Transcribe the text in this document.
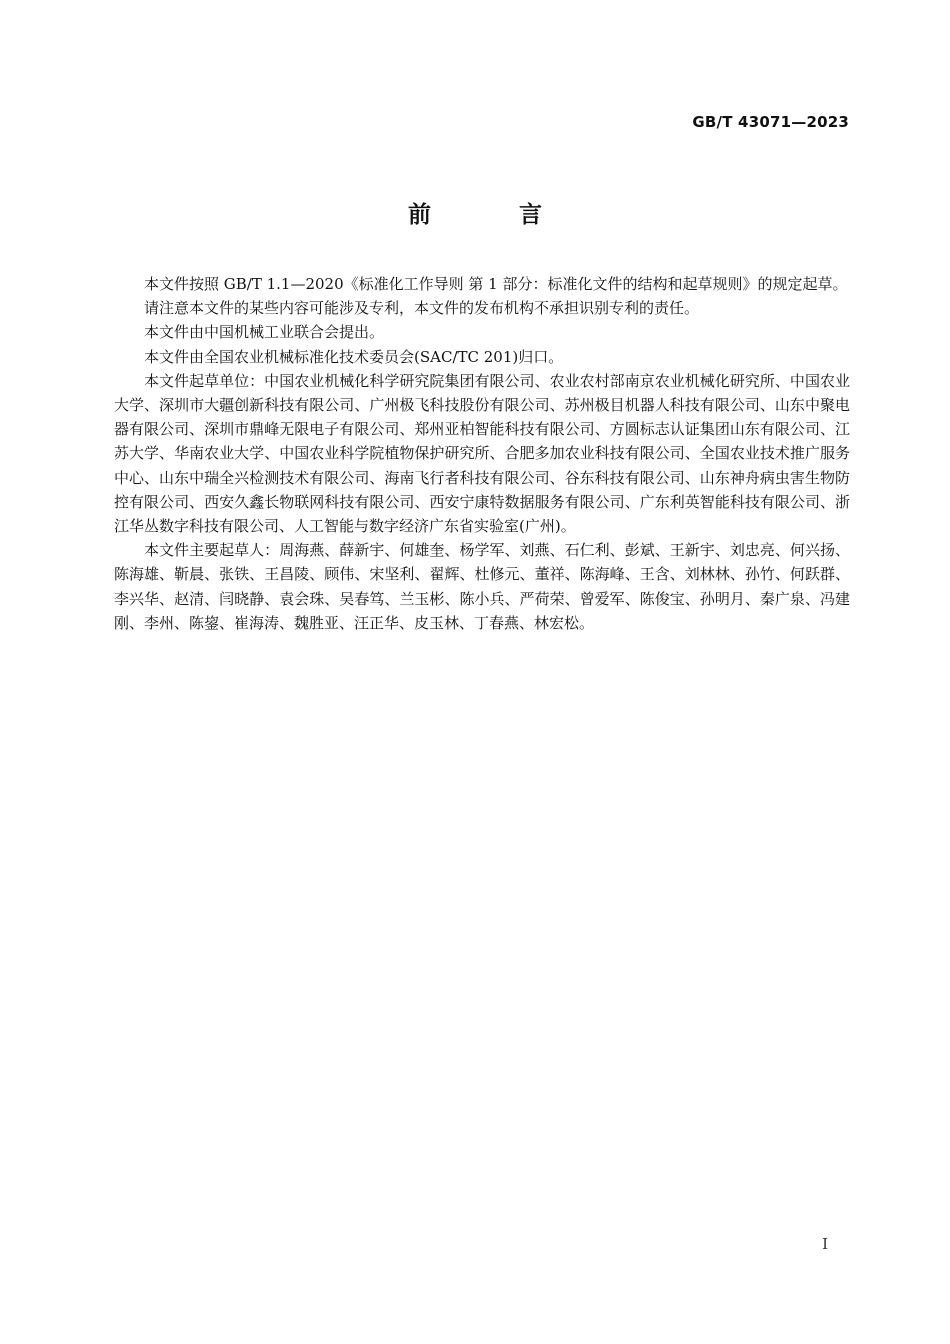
GB/T 43071—2023
前 言

本文件按照 GB/T 1.1—2020《标准化工作导则 第 1 部分：标准化文件的结构和起草规则》的规定起草。

请注意本文件的某些内容可能涉及专利，本文件的发布机构不承担识别专利的责任。

本文件由中国机械工业联合会提出。

本文件由全国农业机械标准化技术委员会(SAC/TC 201)归口。

本文件起草单位：中国农业机械化科学研究院集团有限公司、农业农村部南京农业机械化研究所、中国农业大学、深圳市大疆创新科技有限公司、广州极飞科技股份有限公司、苏州极目机器人科技有限公司、山东中聚电器有限公司、深圳市鼎峰无限电子有限公司、郑州亚柏智能科技有限公司、方圆标志认证集团山东有限公司、江苏大学、华南农业大学、中国农业科学院植物保护研究所、合肥多加农业科技有限公司、全国农业技术推广服务中心、山东中瑞全兴检测技术有限公司、海南飞行者科技有限公司、谷东科技有限公司、山东神舟病虫害生物防控有限公司、西安久鑫长物联网科技有限公司、西安宁康特数据服务有限公司、广东利英智能科技有限公司、浙江华丛数字科技有限公司、人工智能与数字经济广东省实验室(广州)。

本文件主要起草人：周海燕、薛新宇、何雄奎、杨学军、刘燕、石仁利、彭斌、王新宇、刘忠亮、何兴扬、陈海雄、靳晨、张铁、王昌陵、顾伟、宋坚利、翟辉、杜修元、董祥、陈海峰、王含、刘林林、孙竹、何跃群、李兴华、赵清、闫晓静、袁会珠、吴春笃、兰玉彬、陈小兵、严荷荣、曾爱军、陈俊宝、孙明月、秦广泉、冯建刚、李州、陈鋆、崔海涛、魏胜亚、汪正华、皮玉林、丁春燕、林宏松。

I
